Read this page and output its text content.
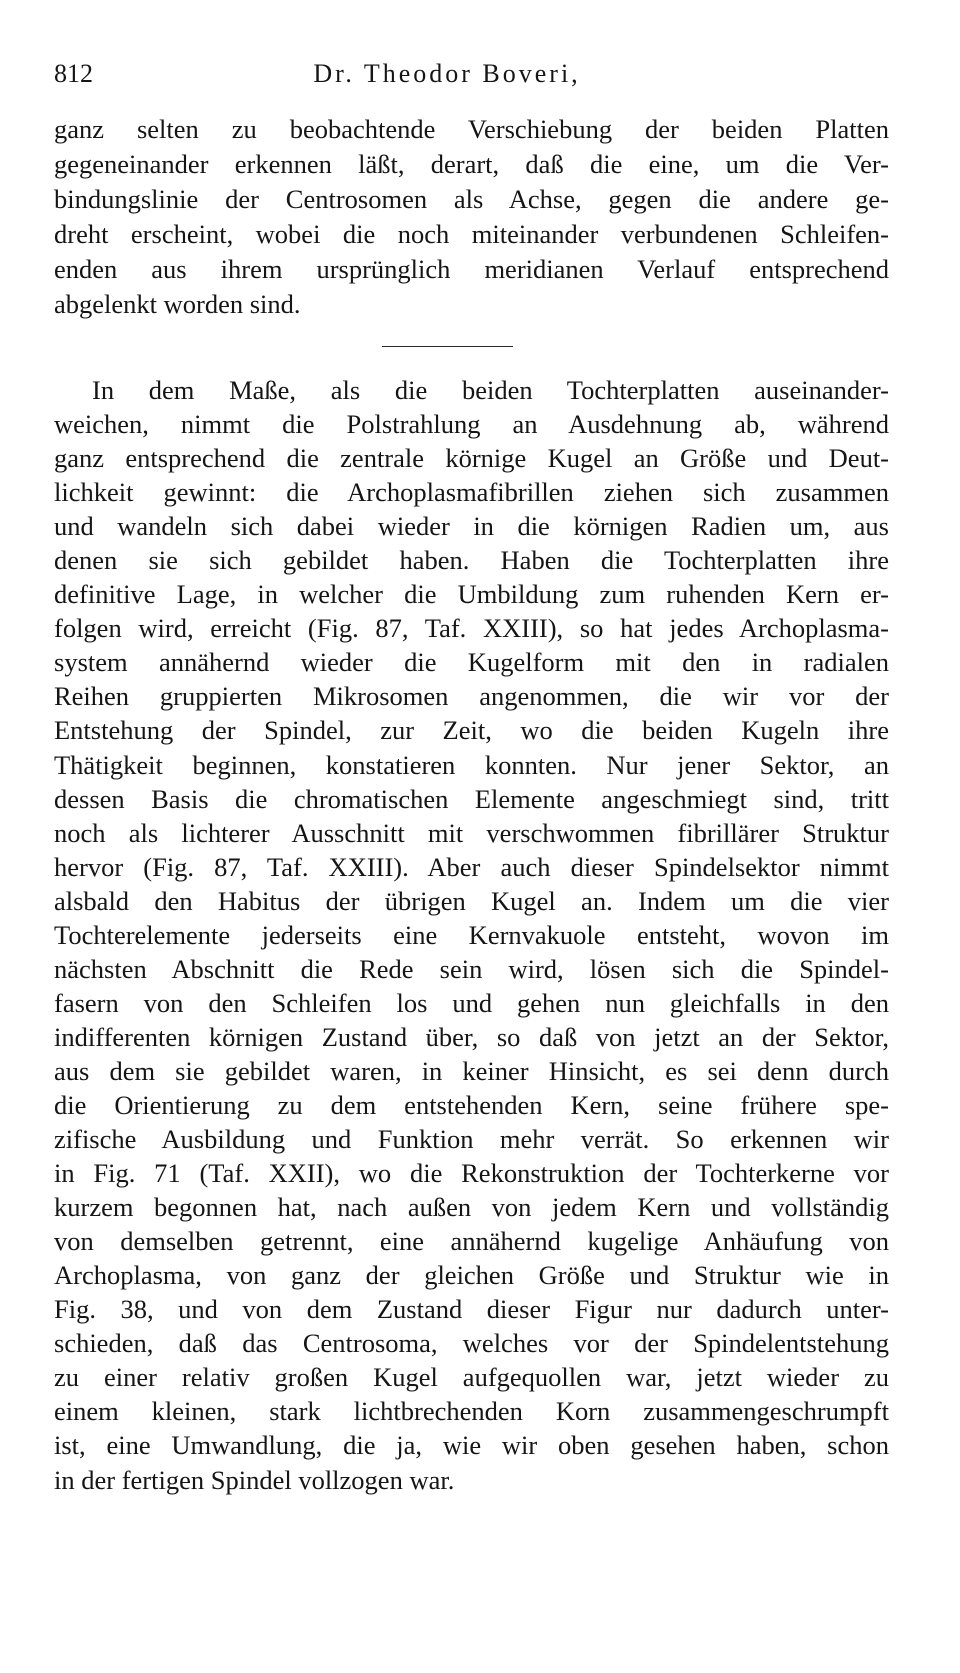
812	Dr. Theodor Boveri,
ganz selten zu beobachtende Verschiebung der beiden Platten
gegeneinander erkennen läßt, derart, daß die eine, um die Ver-
bindungslinie der Centrosomen als Achse, gegen die andere ge-
dreht erscheint, wobei die noch miteinander verbundenen Schleifen-
enden aus ihrem ursprünglich meridianen Verlauf entsprechend
abgelenkt worden sind.
In dem Maße, als die beiden Tochterplatten auseinander-
weichen, nimmt die Polstrahlung an Ausdehnung ab, während
ganz entsprechend die zentrale körnige Kugel an Größe und Deut-
lichkeit gewinnt: die Archoplasmafibrillen ziehen sich zusammen
und wandeln sich dabei wieder in die körnigen Radien um, aus
denen sie sich gebildet haben. Haben die Tochterplatten ihre
definitive Lage, in welcher die Umbildung zum ruhenden Kern er-
folgen wird, erreicht (Fig. 87, Taf. XXIII), so hat jedes Archoplasma-
system annähernd wieder die Kugelform mit den in radialen
Reihen gruppierten Mikrosomen angenommen, die wir vor der
Entstehung der Spindel, zur Zeit, wo die beiden Kugeln ihre
Thätigkeit beginnen, konstatieren konnten. Nur jener Sektor, an
dessen Basis die chromatischen Elemente angeschmiegt sind, tritt
noch als lichterer Ausschnitt mit verschwommen fibrillärer Struktur
hervor (Fig. 87, Taf. XXIII). Aber auch dieser Spindelsektor nimmt
alsbald den Habitus der übrigen Kugel an. Indem um die vier
Tochterelemente jederseits eine Kernvakuole entsteht, wovon im
nächsten Abschnitt die Rede sein wird, lösen sich die Spindel-
fasern von den Schleifen los und gehen nun gleichfalls in den
indifferenten körnigen Zustand über, so daß von jetzt an der Sektor,
aus dem sie gebildet waren, in keiner Hinsicht, es sei denn durch
die Orientierung zu dem entstehenden Kern, seine frühere spe-
zifische Ausbildung und Funktion mehr verrät. So erkennen wir
in Fig. 71 (Taf. XXII), wo die Rekonstruktion der Tochterkerne vor
kurzem begonnen hat, nach außen von jedem Kern und vollständig
von demselben getrennt, eine annähernd kugelige Anhäufung von
Archoplasma, von ganz der gleichen Größe und Struktur wie in
Fig. 38, und von dem Zustand dieser Figur nur dadurch unter-
schieden, daß das Centrosoma, welches vor der Spindelentstehung
zu einer relativ großen Kugel aufgequollen war, jetzt wieder zu
einem kleinen, stark lichtbrechenden Korn zusammengeschrumpft
ist, eine Umwandlung, die ja, wie wir oben gesehen haben, schon
in der fertigen Spindel vollzogen war.
